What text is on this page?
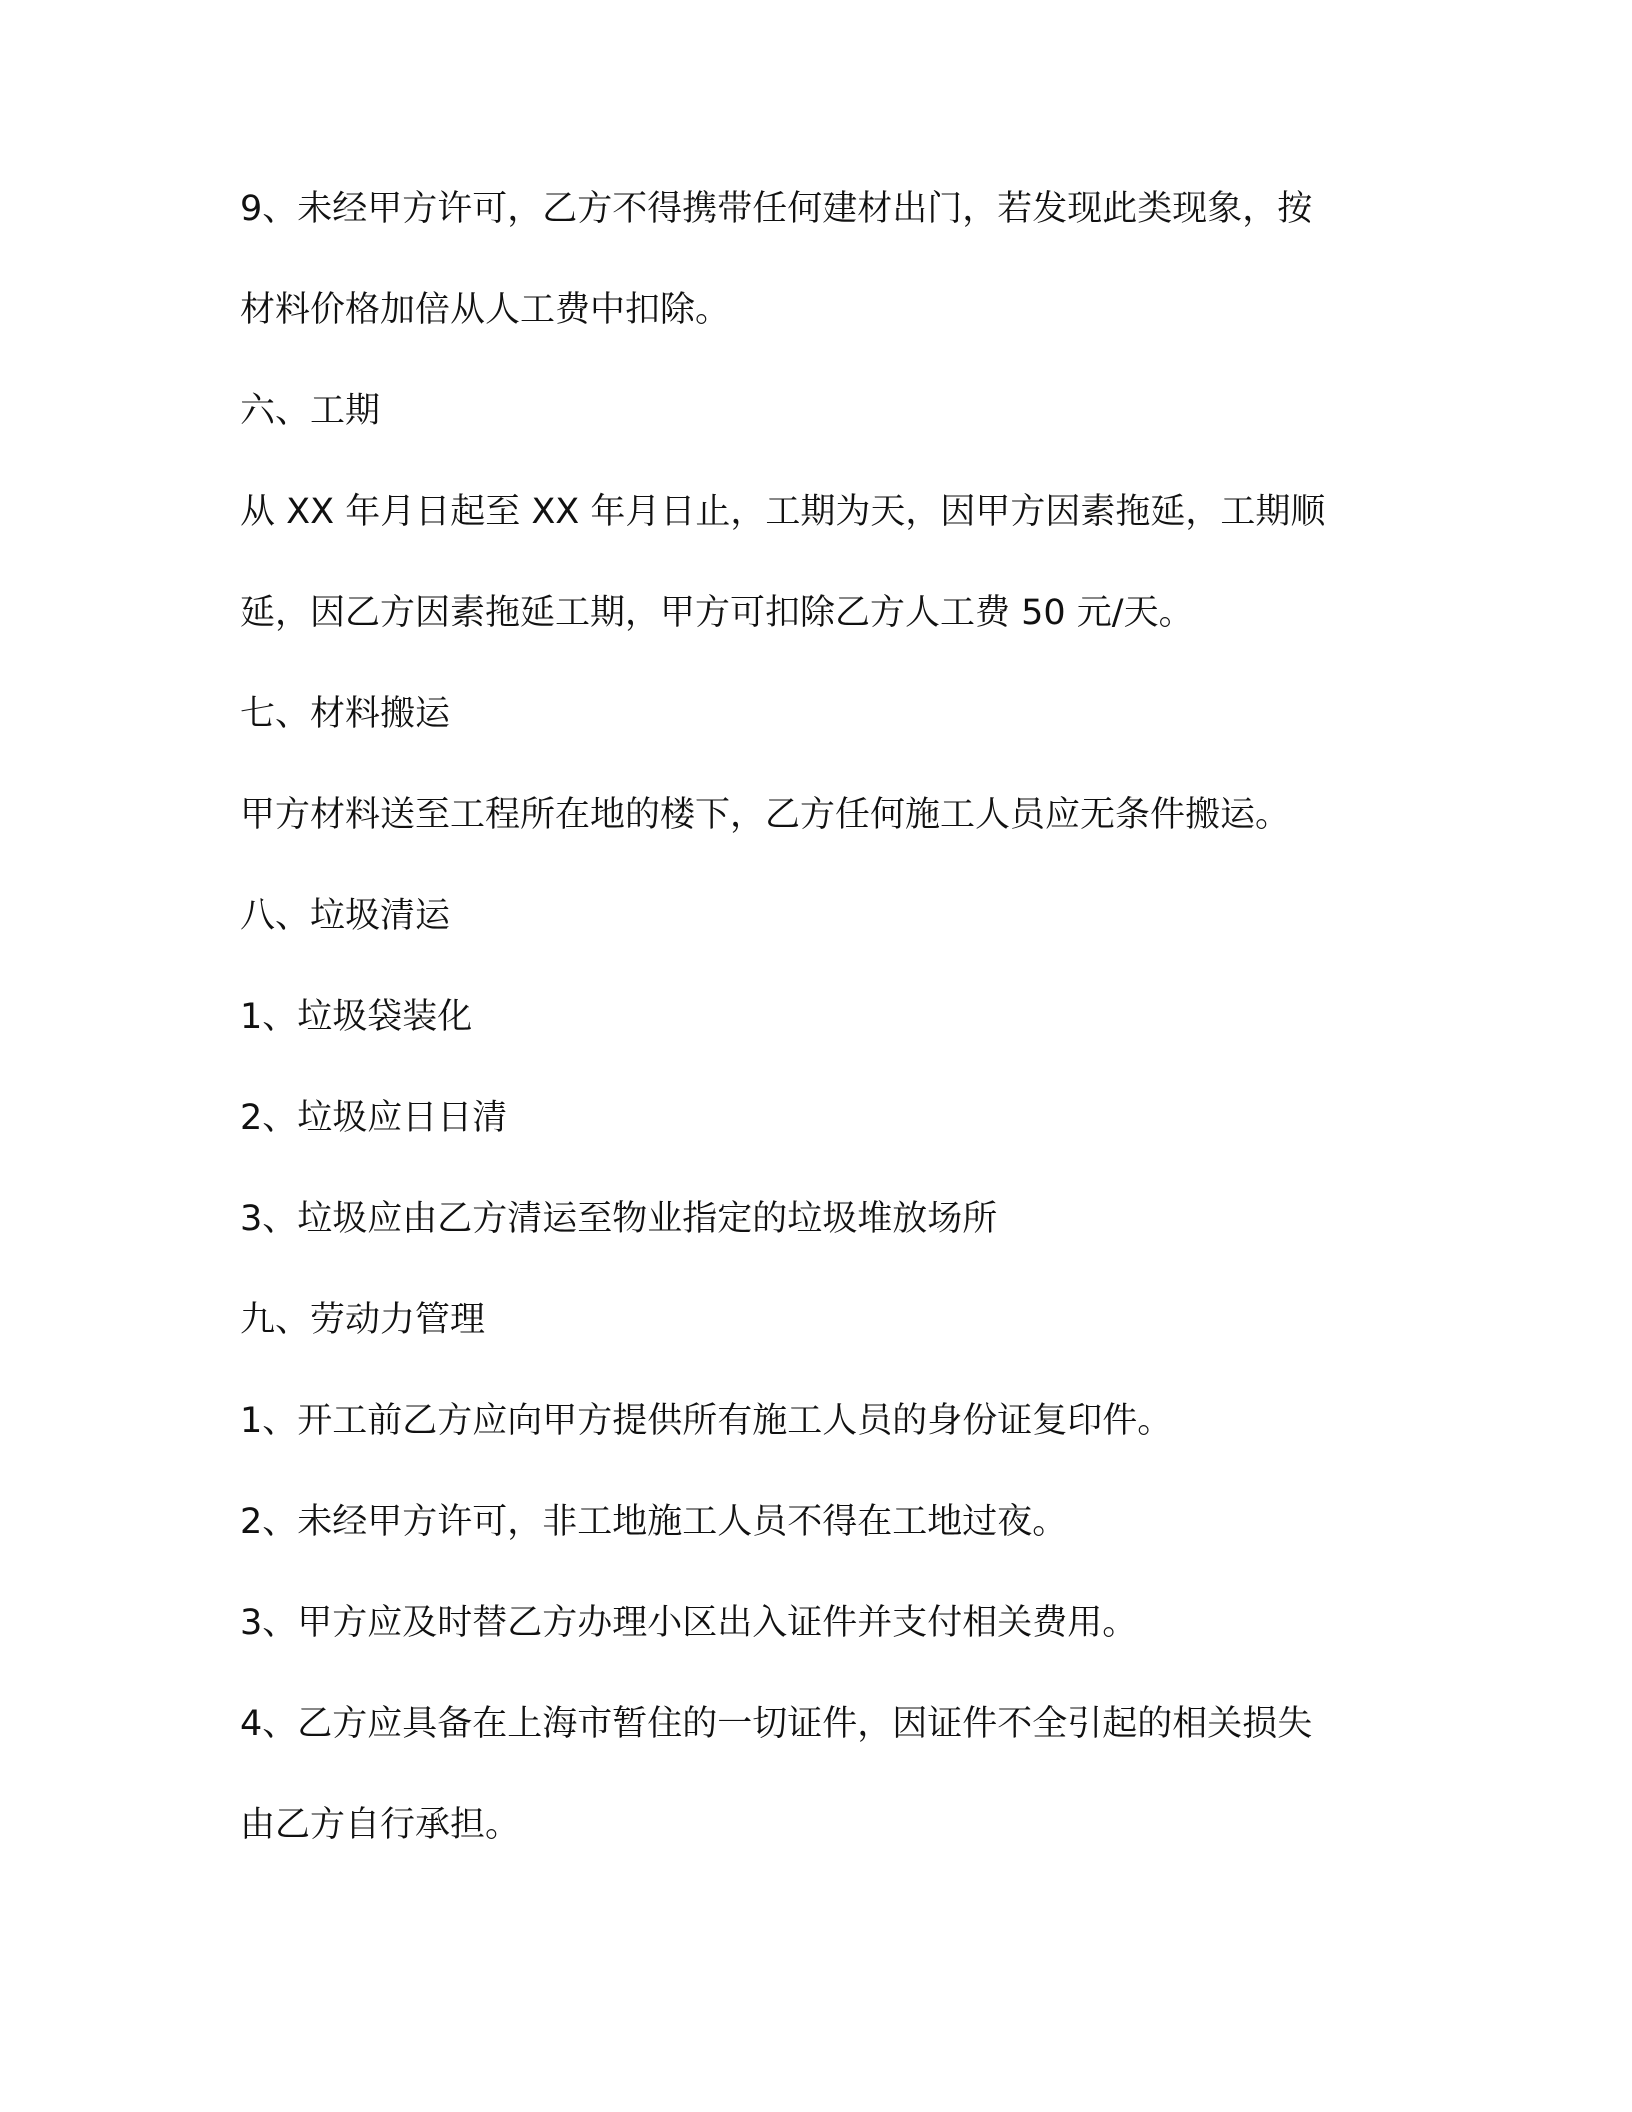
9、未经甲方许可，乙方不得携带任何建材出门，若发现此类现象，按
材料价格加倍从人工费中扣除。
六、工期
从 XX 年月日起至 XX 年月日止，工期为天，因甲方因素拖延，工期顺
延，因乙方因素拖延工期，甲方可扣除乙方人工费 50 元/天。
七、材料搬运
甲方材料送至工程所在地的楼下，乙方任何施工人员应无条件搬运。
八、垃圾清运
1、垃圾袋装化
2、垃圾应日日清
3、垃圾应由乙方清运至物业指定的垃圾堆放场所
九、劳动力管理
1、开工前乙方应向甲方提供所有施工人员的身份证复印件。
2、未经甲方许可，非工地施工人员不得在工地过夜。
3、甲方应及时替乙方办理小区出入证件并支付相关费用。
4、乙方应具备在上海市暂住的一切证件，因证件不全引起的相关损失
由乙方自行承担。
